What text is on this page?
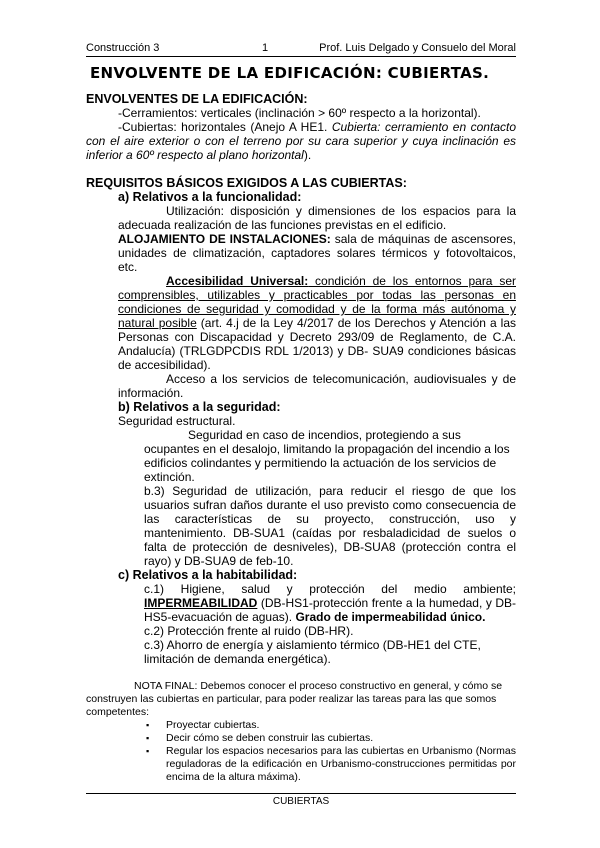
Construcción 3	1	Prof. Luis Delgado y Consuelo del Moral
ENVOLVENTE DE LA EDIFICACIÓN: CUBIERTAS.

ENVOLVENTES DE LA EDIFICACIÓN:

-Cerramientos: verticales (inclinación > 60º respecto a la horizontal).

-Cubiertas: horizontales (Anejo A HE1. Cubierta: cerramiento en contacto con el aire exterior o con el terreno por su cara superior y cuya inclinación es inferior a 60º respecto al plano horizontal).

REQUISITOS BÁSICOS EXIGIDOS A LAS CUBIERTAS:

a) Relativos a la funcionalidad:

Utilización: disposición y dimensiones de los espacios para la adecuada realización de las funciones previstas en el edificio.

ALOJAMIENTO DE INSTALACIONES: sala de máquinas de ascensores, unidades de climatización, captadores solares térmicos y fotovoltaicos, etc.

Accesibilidad Universal: condición de los entornos para ser comprensibles, utilizables y practicables por todas las personas en condiciones de seguridad y comodidad y de la forma más autónoma y natural posible (art. 4.j de la Ley 4/2017 de los Derechos y Atención a las Personas con Discapacidad y Decreto 293/09 de Reglamento, de C.A. Andalucía) (TRLGDPCDIS RDL 1/2013) y DB- SUA9 condiciones básicas de accesibilidad).

Acceso a los servicios de telecomunicación, audiovisuales y de información.

b) Relativos a la seguridad:

Seguridad estructural.

Seguridad en caso de incendios, protegiendo a sus ocupantes en el desalojo, limitando la propagación del incendio a los edificios colindantes y permitiendo la actuación de los servicios de extinción.

b.3) Seguridad de utilización, para reducir el riesgo de que los usuarios sufran daños durante el uso previsto como consecuencia de las características de su proyecto, construcción, uso y mantenimiento. DB-SUA1 (caídas por resbaladicidad de suelos o falta de protección de desniveles), DB-SUA8 (protección contra el rayo) y DB-SUA9 de feb-10.

c) Relativos a la habitabilidad:

c.1) Higiene, salud y protección del medio ambiente; IMPERMEABILIDAD (DB-HS1-protección frente a la humedad, y DB-HS5-evacuación de aguas). Grado de impermeabilidad único.

c.2) Protección frente al ruido (DB-HR).

c.3) Ahorro de energía y aislamiento térmico (DB-HE1 del CTE, limitación de demanda energética).

NOTA FINAL: Debemos conocer el proceso constructivo en general, y cómo se construyen las cubiertas en particular, para poder realizar las tareas para las que somos competentes:

▪ Proyectar cubiertas.
▪ Decir cómo se deben construir las cubiertas.
▪ Regular los espacios necesarios para las cubiertas en Urbanismo (Normas reguladoras de la edificación en Urbanismo-construcciones permitidas por encima de la altura máxima).
CUBIERTAS
